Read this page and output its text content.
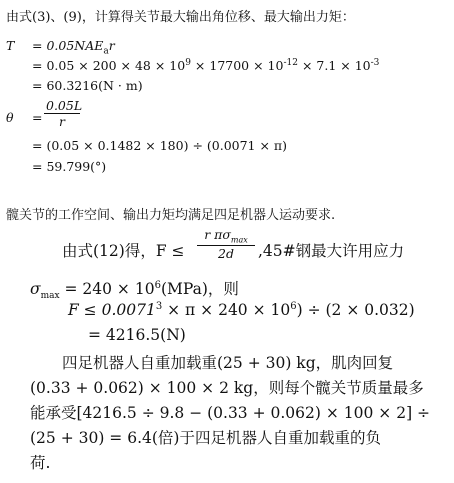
由式(3)、(9)，计算得关节最大输出角位移、最大输出力矩：
$T = 0.05NAE_ar$
= $0.05 \times 200 \times 48 \times 10^9 \times 17700 \times 10^{-12} \times 7.1 \times 10^{-3}$
= 60.3216(N · m)
$\theta = \frac{0.05L}{r}$
= (0.05 × 0.1482 × 180) ÷ (0.0071 × π)
= 59.799(°)
髋关节的工作空间、输出力矩均满足四足机器人运动要求.
由式(12)得，F ≤
r $\pi\sigma_{max}$
2d	,45#钢最大许用应力
$\sigma_{max} = 240 \times 10^6(MPa)$，则
$F \le 0.0071^3 \times \pi \times 240 \times 10^6) \div (2 \times 0.032)$
= 4216.5(N)
四足机器人自重加载重(25 + 30) kg，肌肉回复
(0.33 + 0.062) × 100 × 2 kg，则每个髋关节质量最多
能承受[4216.5 ÷ 9.8 − (0.33 + 0.062) × 100 × 2] ÷
(25 + 30) = 6.4(倍)于四足机器人自重加载重的负
荷.
